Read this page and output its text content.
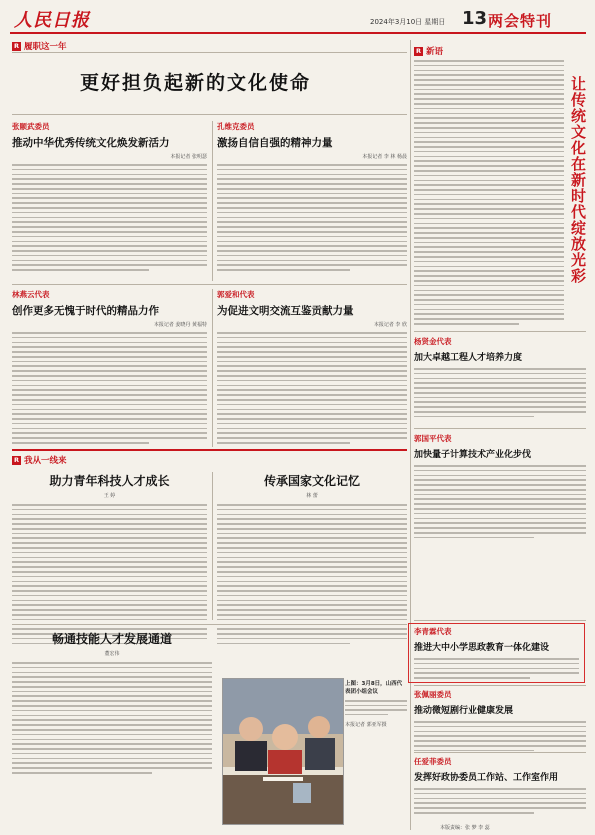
人民日报	2024年3月10日 星期日 13 两会特刊
R 履职这一年
更好担负起新的文化使命
张颐武委员
推动中华优秀传统文化焕发新活力
本报记者 张明瑟
孔维克委员
激扬自信自强的精神力量
本报记者 李 林 杨晨
林燕云代表
创作更多无愧于时代的精品力作
本报记者 姜晓丹 黄福特
郭爱和代表
为促进文明交流互鉴贡献力量
本报记者 李 欣
R 我从一线来
助力青年科技人才成长
王 婷
传承国家文化记忆
林 蕾
畅通技能人才发展通道
董宏伟
上图：3月8日，山西代表团小组会议
本报记者 郭亚军摄
R 新语
让传统文化在新时代绽放光彩
杨贤金代表
加大卓越工程人才培养力度
郭国平代表
加快量子计算技术产业化步伐
李青霖代表
推进大中小学思政教育一体化建设
张佩丽委员
推动微短剧行业健康发展
任爱菲委员
发挥好政协委员工作站、工作室作用
本版责编：张 梦 李 蕊
